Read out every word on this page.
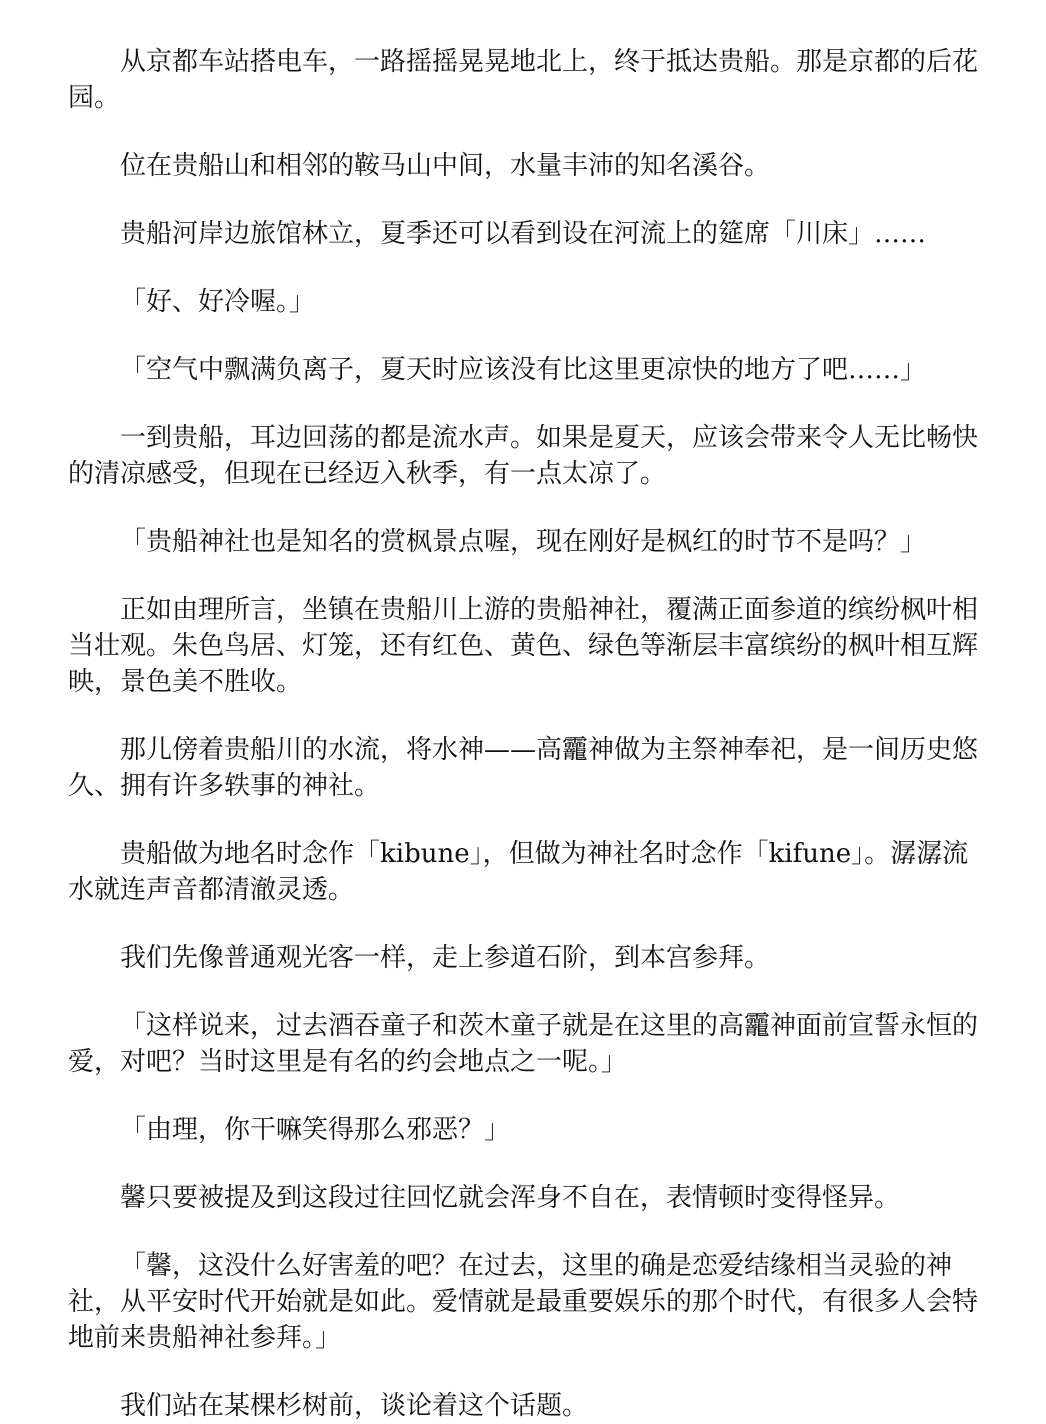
从京都车站搭电车，一路摇摇晃晃地北上，终于抵达贵船。那是京都的后花园。

位在贵船山和相邻的鞍马山中间，水量丰沛的知名溪谷。

贵船河岸边旅馆林立，夏季还可以看到设在河流上的筵席「川床」……

「好、好冷喔。」

「空气中飘满负离子，夏天时应该没有比这里更凉快的地方了吧……」

一到贵船，耳边回荡的都是流水声。如果是夏天，应该会带来令人无比畅快的清凉感受，但现在已经迈入秋季，有一点太凉了。

「贵船神社也是知名的赏枫景点喔，现在刚好是枫红的时节不是吗？」

正如由理所言，坐镇在贵船川上游的贵船神社，覆满正面参道的缤纷枫叶相当壮观。朱色鸟居、灯笼，还有红色、黄色、绿色等渐层丰富缤纷的枫叶相互辉映，景色美不胜收。

那儿傍着贵船川的水流，将水神——高龗神做为主祭神奉祀，是一间历史悠久、拥有许多轶事的神社。

贵船做为地名时念作「kibune」，但做为神社名时念作「kifune」。潺潺流水就连声音都清澈灵透。

我们先像普通观光客一样，走上参道石阶，到本宫参拜。

「这样说来，过去酒吞童子和茨木童子就是在这里的高龗神面前宣誓永恒的爱，对吧？当时这里是有名的约会地点之一呢。」

「由理，你干嘛笑得那么邪恶？」

馨只要被提及到这段过往回忆就会浑身不自在，表情顿时变得怪异。

「馨，这没什么好害羞的吧？在过去，这里的确是恋爱结缘相当灵验的神社，从平安时代开始就是如此。爱情就是最重要娱乐的那个时代，有很多人会特地前来贵船神社参拜。」

我们站在某棵杉树前，谈论着这个话题。
